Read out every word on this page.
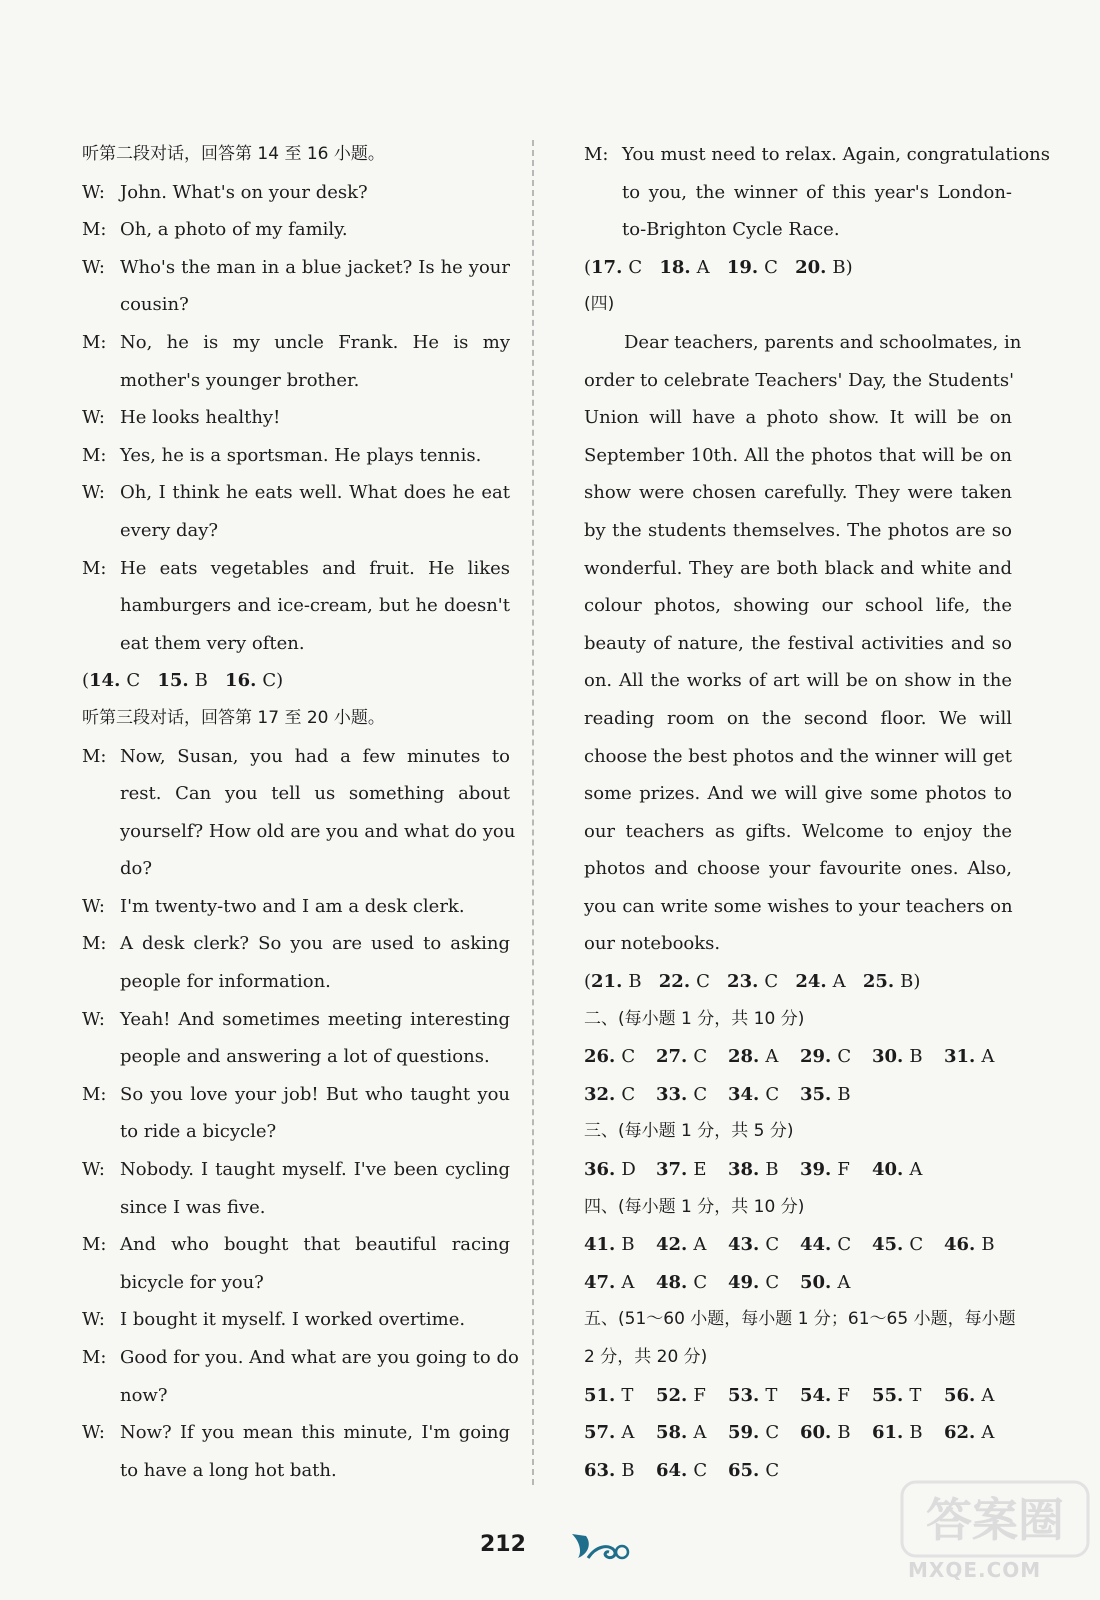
听第二段对话，回答第 14 至 16 小题。
W: John. What's on your desk?
M: Oh, a photo of my family.
W: Who's the man in a blue jacket? Is he your
cousin?
M: No, he is my uncle Frank. He is my
mother's younger brother.
W: He looks healthy!
M: Yes, he is a sportsman. He plays tennis.
W: Oh, I think he eats well. What does he eat
every day?
M: He eats vegetables and fruit. He likes
hamburgers and ice-cream, but he doesn't
eat them very often.
(14. C 15. B 16. C)
听第三段对话，回答第 17 至 20 小题。
M: Now, Susan, you had a few minutes to
rest. Can you tell us something about
yourself? How old are you and what do you
do?
W: I'm twenty-two and I am a desk clerk.
M: A desk clerk? So you are used to asking
people for information.
W: Yeah! And sometimes meeting interesting
people and answering a lot of questions.
M: So you love your job! But who taught you
to ride a bicycle?
W: Nobody. I taught myself. I've been cycling
since I was five.
M: And who bought that beautiful racing
bicycle for you?
W: I bought it myself. I worked overtime.
M: Good for you. And what are you going to do
now?
W: Now? If you mean this minute, I'm going
to have a long hot bath.
M: You must need to relax. Again, congratulations
to you, the winner of this year's London-
to-Brighton Cycle Race.
(17. C 18. A 19. C 20. B)
(四)
Dear teachers, parents and schoolmates, in
order to celebrate Teachers' Day, the Students'
Union will have a photo show. It will be on
September 10th. All the photos that will be on
show were chosen carefully. They were taken
by the students themselves. The photos are so
wonderful. They are both black and white and
colour photos, showing our school life, the
beauty of nature, the festival activities and so
on. All the works of art will be on show in the
reading room on the second floor. We will
choose the best photos and the winner will get
some prizes. And we will give some photos to
our teachers as gifts. Welcome to enjoy the
photos and choose your favourite ones. Also,
you can write some wishes to your teachers on
our notebooks.
(21. B 22. C 23. C 24. A 25. B)
二、(每小题 1 分，共 10 分)
26. C	27. C	28. A	29. C	30. B	31. A
32. C	33. C	34. C	35. B
三、(每小题 1 分，共 5 分)
36. D	37. E	38. B	39. F	40. A
四、(每小题 1 分，共 10 分)
41. B	42. A	43. C	44. C	45. C	46. B
47. A	48. C	49. C	50. A
五、(51～60 小题，每小题 1 分；61～65 小题，每小题
2 分，共 20 分)
51. T	52. F	53. T	54. F	55. T	56. A
57. A	58. A	59. C	60. B	61. B	62. A
63. B	64. C	65. C
212	答案圈
MXQE.COM
